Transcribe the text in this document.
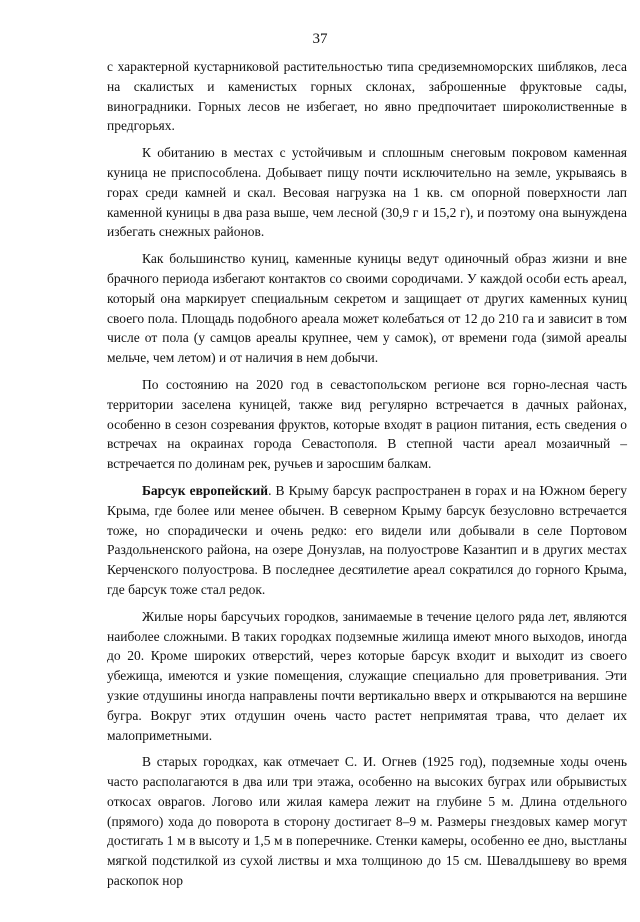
37

с характерной кустарниковой растительностью типа средиземноморских шибляков, леса на скалистых и каменистых горных склонах, заброшенные фруктовые сады, виноградники. Горных лесов не избегает, но явно предпочитает широколиственные в предгорьях.

К обитанию в местах с устойчивым и сплошным снеговым покровом каменная куница не приспособлена. Добывает пищу почти исключительно на земле, укрываясь в горах среди камней и скал. Весовая нагрузка на 1 кв. см опорной поверхности лап каменной куницы в два раза выше, чем лесной (30,9 г и 15,2 г), и поэтому она вынуждена избегать снежных районов.

Как большинство куниц, каменные куницы ведут одиночный образ жизни и вне брачного периода избегают контактов со своими сородичами. У каждой особи есть ареал, который она маркирует специальным секретом и защищает от других каменных куниц своего пола. Площадь подобного ареала может колебаться от 12 до 210 га и зависит в том числе от пола (у самцов ареалы крупнее, чем у самок), от времени года (зимой ареалы мельче, чем летом) и от наличия в нем добычи.

По состоянию на 2020 год в севастопольском регионе вся горно-лесная часть территории заселена куницей, также вид регулярно встречается в дачных районах, особенно в сезон созревания фруктов, которые входят в рацион питания, есть сведения о встречах на окраинах города Севастополя. В степной части ареал мозаичный – встречается по долинам рек, ручьев и заросшим балкам.

Барсук европейский. В Крыму барсук распространен в горах и на Южном берегу Крыма, где более или менее обычен. В северном Крыму барсук безусловно встречается тоже, но спорадически и очень редко: его видели или добывали в селе Портовом Раздольненского района, на озере Донузлав, на полуострове Казантип и в других местах Керченского полуострова. В последнее десятилетие ареал сократился до горного Крыма, где барсук тоже стал редок.

Жилые норы барсучьих городков, занимаемые в течение целого ряда лет, являются наиболее сложными. В таких городках подземные жилища имеют много выходов, иногда до 20. Кроме широких отверстий, через которые барсук входит и выходит из своего убежища, имеются и узкие помещения, служащие специально для проветривания. Эти узкие отдушины иногда направлены почти вертикально вверх и открываются на вершине бугра. Вокруг этих отдушин очень часто растет непримятая трава, что делает их малоприметными.

В старых городках, как отмечает С. И. Огнев (1925 год), подземные ходы очень часто располагаются в два или три этажа, особенно на высоких буграх или обрывистых откосах оврагов. Логово или жилая камера лежит на глубине 5 м. Длина отдельного (прямого) хода до поворота в сторону достигает 8–9 м. Размеры гнездовых камер могут достигать 1 м в высоту и 1,5 м в поперечнике. Стенки камеры, особенно ее дно, выстланы мягкой подстилкой из сухой листвы и мха толщиною до 15 см. Шевалдышеву во время раскопок нор
